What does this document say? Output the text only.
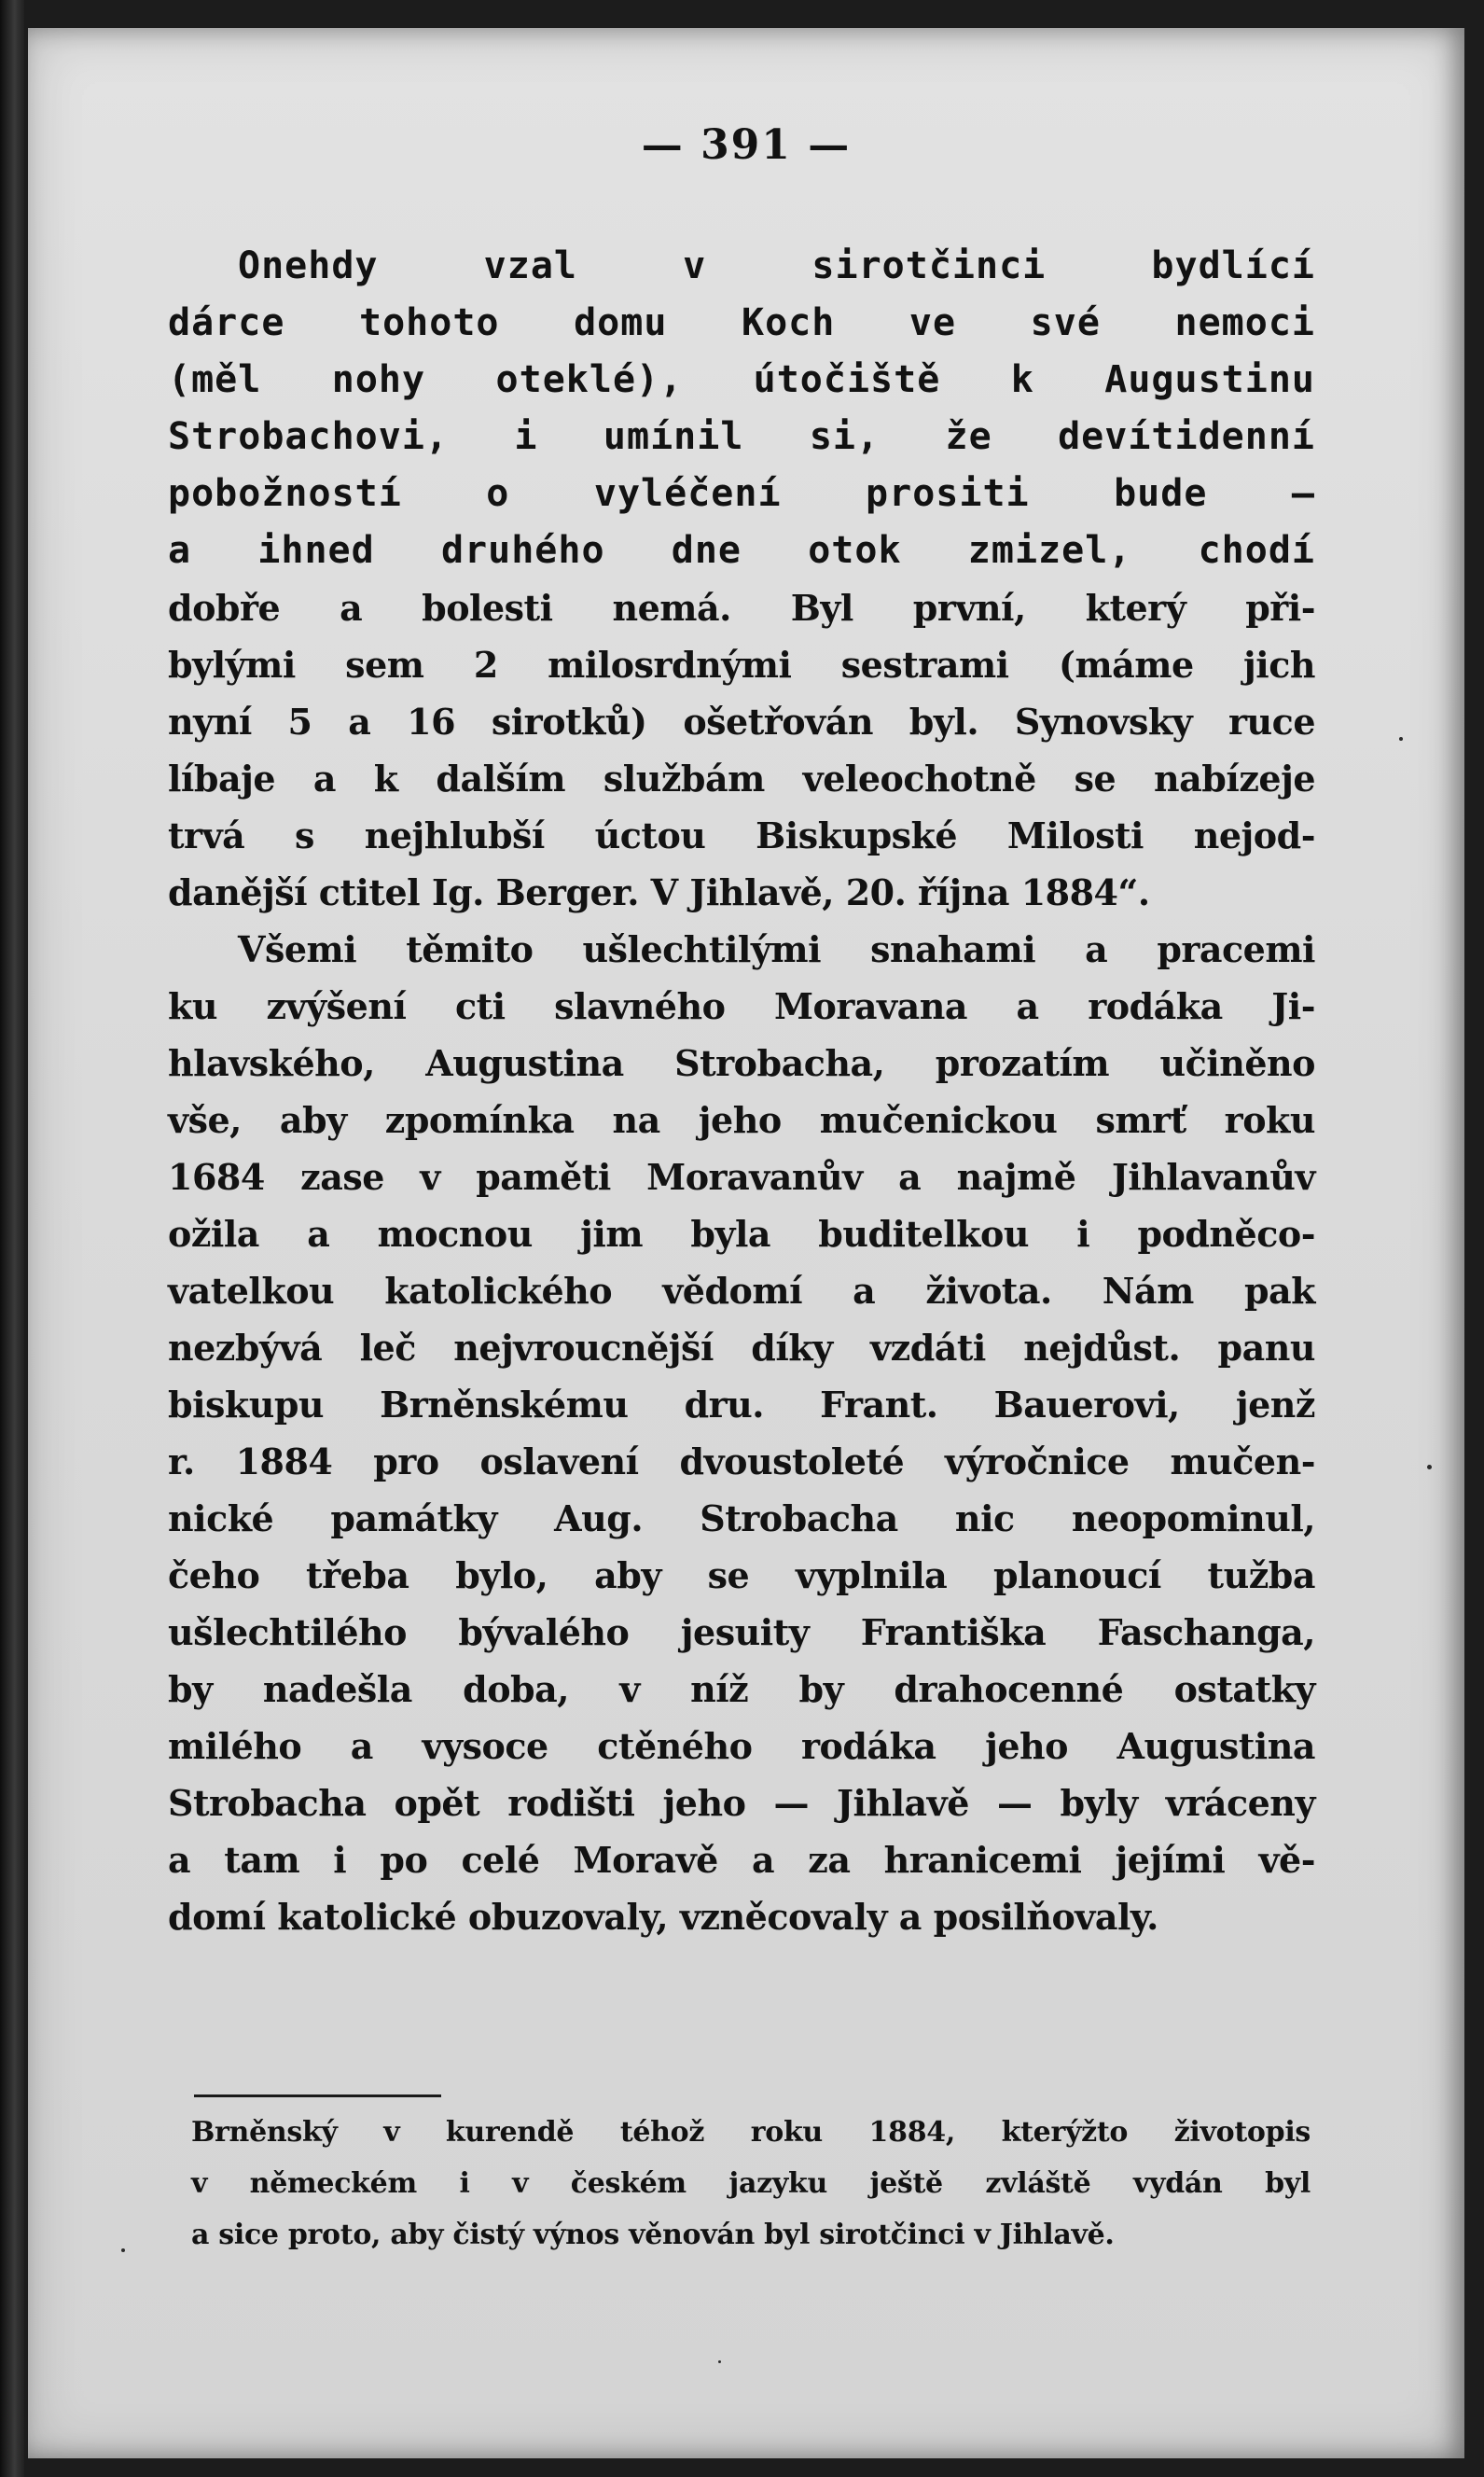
— 391 —
Onehdy vzal v sirotčinci bydlící
dárce tohoto domu Koch ve své nemoci
(měl nohy oteklé), útočiště k Augustinu
Strobachovi, i umínil si, že devítidenní
pobožností o vyléčení prositi bude —
a ihned druhého dne otok zmizel, chodí
dobře a bolesti nemá. Byl první, který při-
bylými sem 2 milosrdnými sestrami (máme jich
nyní 5 a 16 sirotků) ošetřován byl. Synovsky ruce
líbaje a k dalším službám veleochotně se nabízeje
trvá s nejhlubší úctou Biskupské Milosti nejod-
danější ctitel Ig. Berger. V Jihlavě, 20. října 1884“.
Všemi těmito ušlechtilými snahami a pracemi
ku zvýšení cti slavného Moravana a rodáka Ji-
hlavského, Augustina Strobacha, prozatím učiněno
vše, aby zpomínka na jeho mučenickou smrť roku
1684 zase v paměti Moravanův a najmě Jihlavanův
ožila a mocnou jim byla buditelkou i podněco-
vatelkou katolického vědomí a života. Nám pak
nezbývá leč nejvroucnější díky vzdáti nejdůst. panu
biskupu Brněnskému dru. Frant. Bauerovi, jenž
r. 1884 pro oslavení dvoustoleté výročnice mučen-
nické památky Aug. Strobacha nic neopominul,
čeho třeba bylo, aby se vyplnila planoucí tužba
ušlechtilého bývalého jesuity Františka Faschanga,
by nadešla doba, v níž by drahocenné ostatky
milého a vysoce ctěného rodáka jeho Augustina
Strobacha opět rodišti jeho — Jihlavě — byly vráceny
a tam i po celé Moravě a za hranicemi jejími vě-
domí katolické obuzovaly, vzněcovaly a posilňovaly.
Brněnský v kurendě téhož roku 1884, kterýžto životopis
v německém i v českém jazyku ještě zvláště vydán byl
a sice proto, aby čistý výnos věnován byl sirotčinci v Jihlavě.
